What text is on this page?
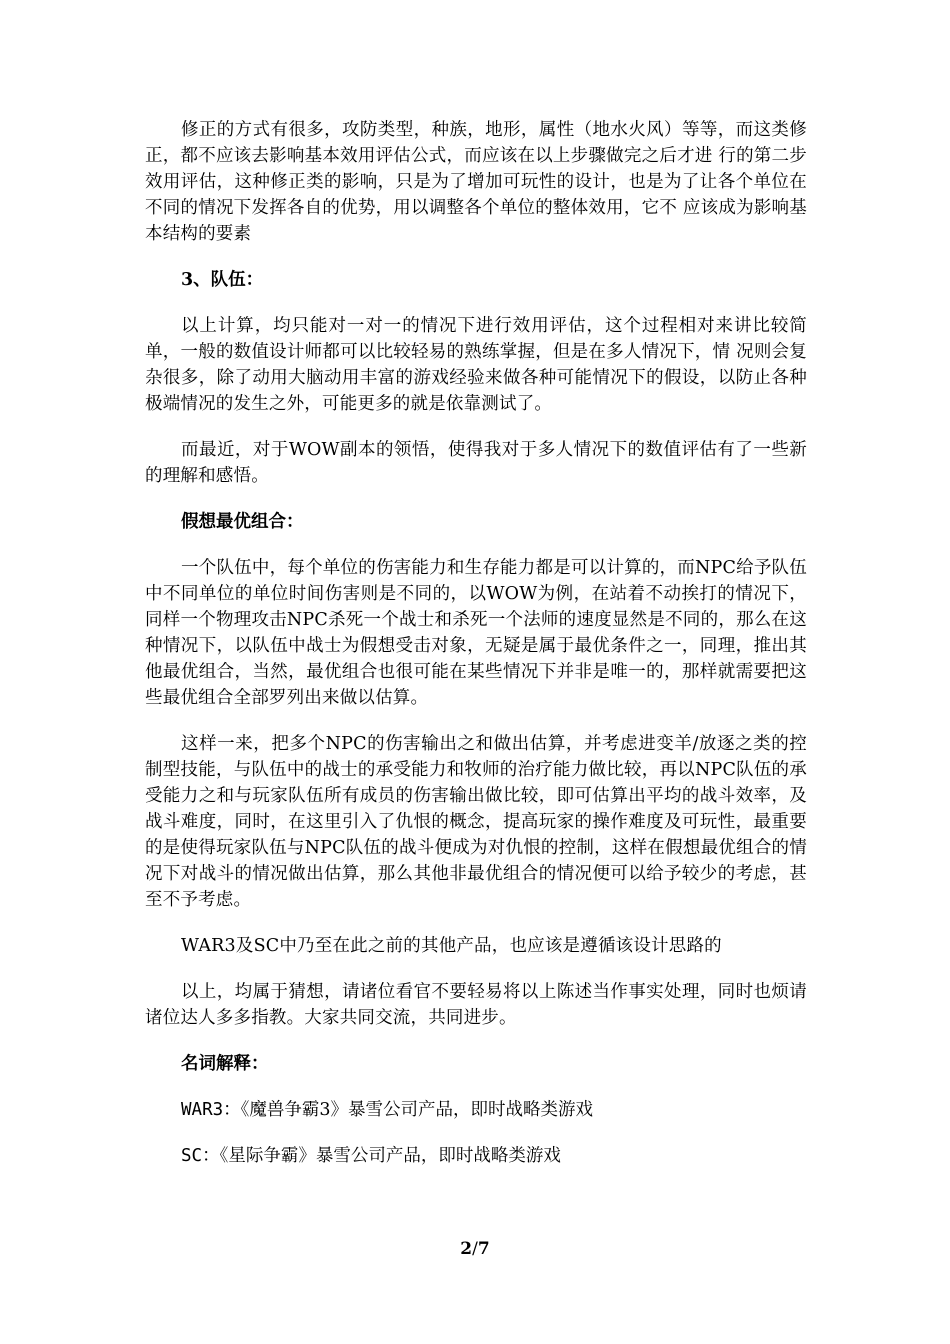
修正的方式有很多，攻防类型，种族，地形，属性（地水火风）等等，而这类修正，都不应该去影响基本效用评估公式，而应该在以上步骤做完之后才进 行的第二步效用评估，这种修正类的影响，只是为了增加可玩性的设计，也是为了让各个单位在不同的情况下发挥各自的优势，用以调整各个单位的整体效用，它不 应该成为影响基本结构的要素

3、队伍：

以上计算，均只能对一对一的情况下进行效用评估，这个过程相对来讲比较简单，一般的数值设计师都可以比较轻易的熟练掌握，但是在多人情况下，情 况则会复杂很多，除了动用大脑动用丰富的游戏经验来做各种可能情况下的假设，以防止各种极端情况的发生之外，可能更多的就是依靠测试了。

而最近，对于WOW副本的领悟，使得我对于多人情况下的数值评估有了一些新的理解和感悟。

假想最优组合：

一个队伍中，每个单位的伤害能力和生存能力都是可以计算的，而NPC给予队伍中不同单位的单位时间伤害则是不同的，以WOW为例，在站着不动挨打的情况下，同样一个物理攻击NPC杀死一个战士和杀死一个法师的速度显然是不同的，那么在这种情况下，以队伍中战士为假想受击对象，无疑是属于最优条件之一，同理，推出其他最优组合，当然，最优组合也很可能在某些情况下并非是唯一的，那样就需要把这些最优组合全部罗列出来做以估算。

这样一来，把多个NPC的伤害输出之和做出估算，并考虑进变羊/放逐之类的控制型技能，与队伍中的战士的承受能力和牧师的治疗能力做比较，再以NPC队伍的承受能力之和与玩家队伍所有成员的伤害输出做比较，即可估算出平均的战斗效率，及战斗难度，同时，在这里引入了仇恨的概念，提高玩家的操作难度及可玩性，最重要的是使得玩家队伍与NPC队伍的战斗便成为对仇恨的控制，这样在假想最优组合的情况下对战斗的情况做出估算，那么其他非最优组合的情况便可以给予较少的考虑，甚至不予考虑。

WAR3及SC中乃至在此之前的其他产品，也应该是遵循该设计思路的

以上，均属于猜想，请诸位看官不要轻易将以上陈述当作事实处理，同时也烦请诸位达人多多指教。大家共同交流，共同进步。

名词解释：

WAR3：《魔兽争霸3》暴雪公司产品，即时战略类游戏

SC：《星际争霸》暴雪公司产品，即时战略类游戏

2/7
